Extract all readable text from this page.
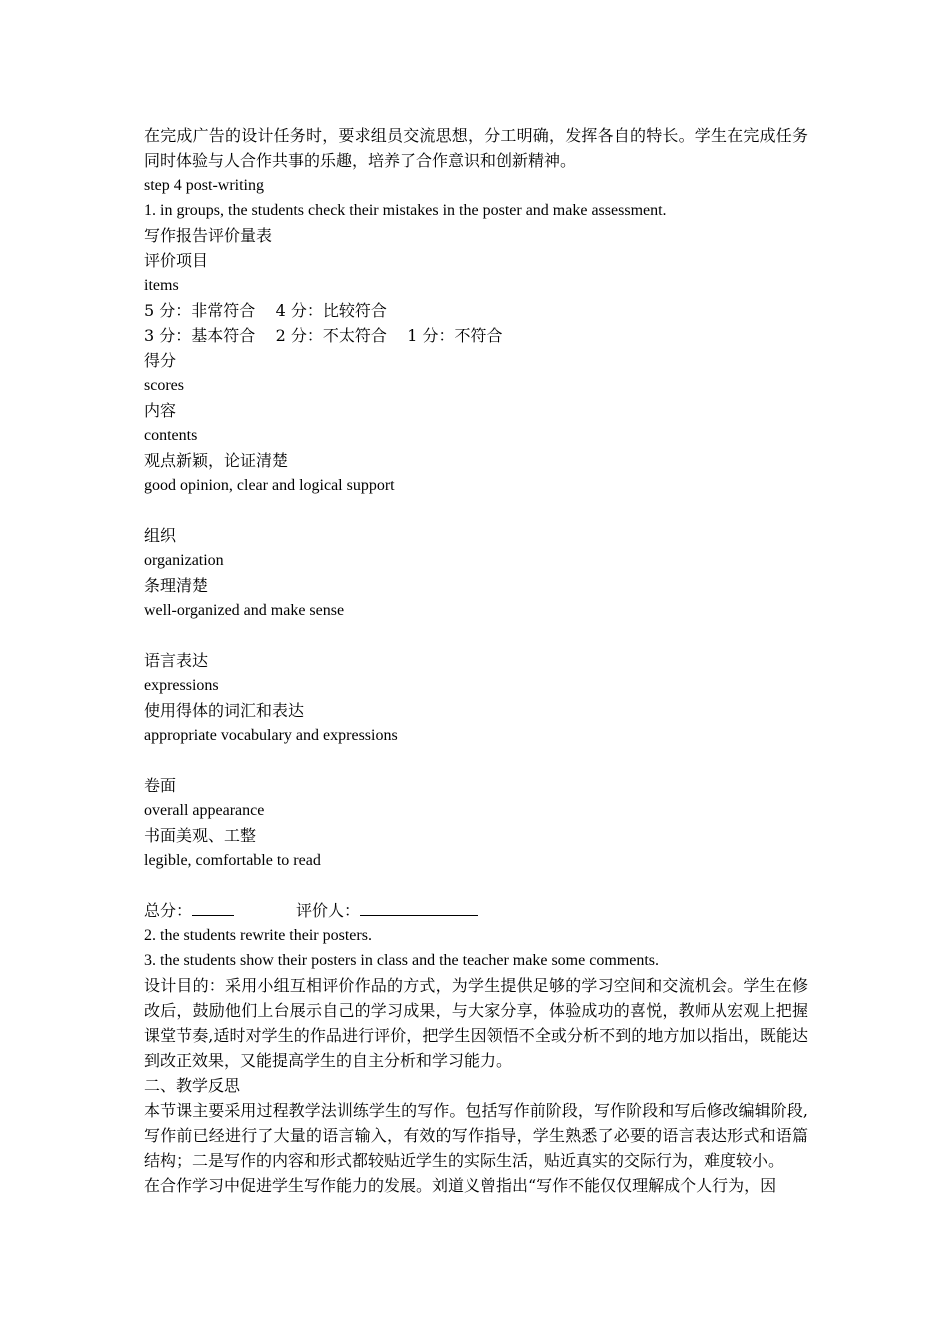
在完成广告的设计任务时，要求组员交流思想，分工明确，发挥各自的特长。学生在完成任务同时体验与人合作共事的乐趣，培养了合作意识和创新精神。
step 4 post-writing
1. in groups, the students check their mistakes in the poster and make assessment.
写作报告评价量表
评价项目
items
5 分：非常符合    4 分：比较符合
3 分：基本符合    2 分：不太符合    1 分：不符合
得分
scores
内容
contents
观点新颖，论证清楚
good opinion, clear and logical support
组织
organization
条理清楚
well-organized and make sense
语言表达
expressions
使用得体的词汇和表达
appropriate vocabulary and expressions
卷面
overall appearance
书面美观、工整
legible, comfortable to read
总分：	评价人：
2. the students rewrite their posters.
3. the students show their posters in class and the teacher make some comments.
设计目的：采用小组互相评价作品的方式，为学生提供足够的学习空间和交流机会。学生在修改后，鼓励他们上台展示自己的学习成果，与大家分享，体验成功的喜悦，教师从宏观上把握课堂节奏,适时对学生的作品进行评价，把学生因领悟不全或分析不到的地方加以指出，既能达到改正效果，又能提高学生的自主分析和学习能力。
二、教学反思
本节课主要采用过程教学法训练学生的写作。包括写作前阶段，写作阶段和写后修改编辑阶段,写作前已经进行了大量的语言输入，有效的写作指导，学生熟悉了必要的语言表达形式和语篇结构；二是写作的内容和形式都较贴近学生的实际生活，贴近真实的交际行为，难度较小。
在合作学习中促进学生写作能力的发展。刘道义曾指出“写作不能仅仅理解成个人行为，因
